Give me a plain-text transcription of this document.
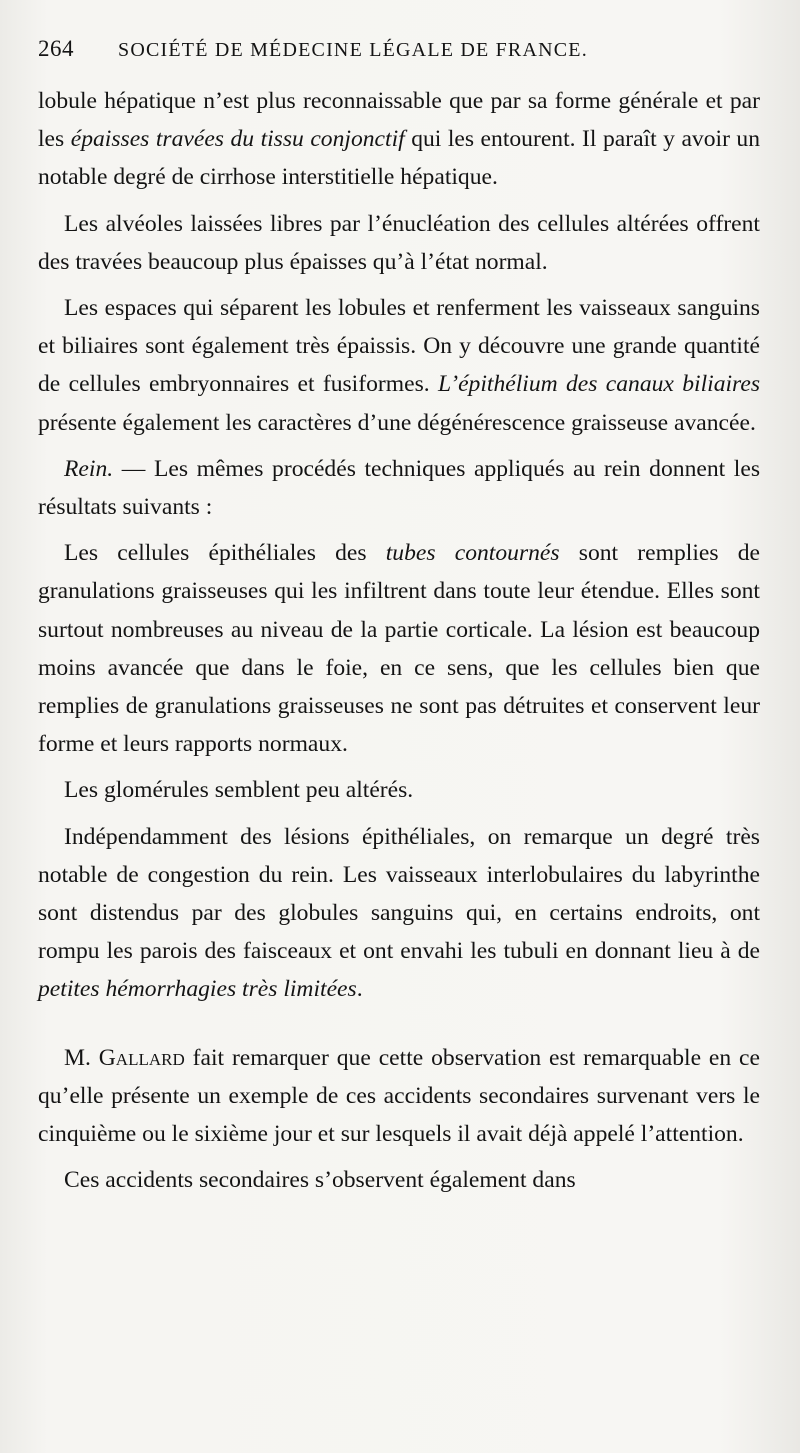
264 SOCIÉTÉ DE MÉDECINE LÉGALE DE FRANCE.

lobule hépatique n’est plus reconnaissable que par sa forme générale et par les épaisses travées du tissu conjonctif qui les entourent. Il paraît y avoir un notable degré de cirrhose interstitielle hépatique.

Les alvéoles laissées libres par l’énucléation des cellules altérées offrent des travées beaucoup plus épaisses qu’à l’état normal.

Les espaces qui séparent les lobules et renferment les vaisseaux sanguins et biliaires sont également très épaissis. On y découvre une grande quantité de cellules embryonnaires et fusiformes. L’épithélium des canaux biliaires présente également les caractères d’une dégénérescence graisseuse avancée.

Rein. — Les mêmes procédés techniques appliqués au rein donnent les résultats suivants :

Les cellules épithéliales des tubes contournés sont remplies de granulations graisseuses qui les infiltrent dans toute leur étendue. Elles sont surtout nombreuses au niveau de la partie corticale. La lésion est beaucoup moins avancée que dans le foie, en ce sens, que les cellules bien que remplies de granulations graisseuses ne sont pas détruites et conservent leur forme et leurs rapports normaux.

Les glomérules semblent peu altérés.

Indépendamment des lésions épithéliales, on remarque un degré très notable de congestion du rein. Les vaisseaux interlobulaires du labyrinthe sont distendus par des globules sanguins qui, en certains endroits, ont rompu les parois des faisceaux et ont envahi les tubuli en donnant lieu à de petites hémorrhagies très limitées.

M. Gallard fait remarquer que cette observation est remarquable en ce qu’elle présente un exemple de ces accidents secondaires survenant vers le cinquième ou le sixième jour et sur lesquels il avait déjà appelé l’attention.

Ces accidents secondaires s’observent également dans
